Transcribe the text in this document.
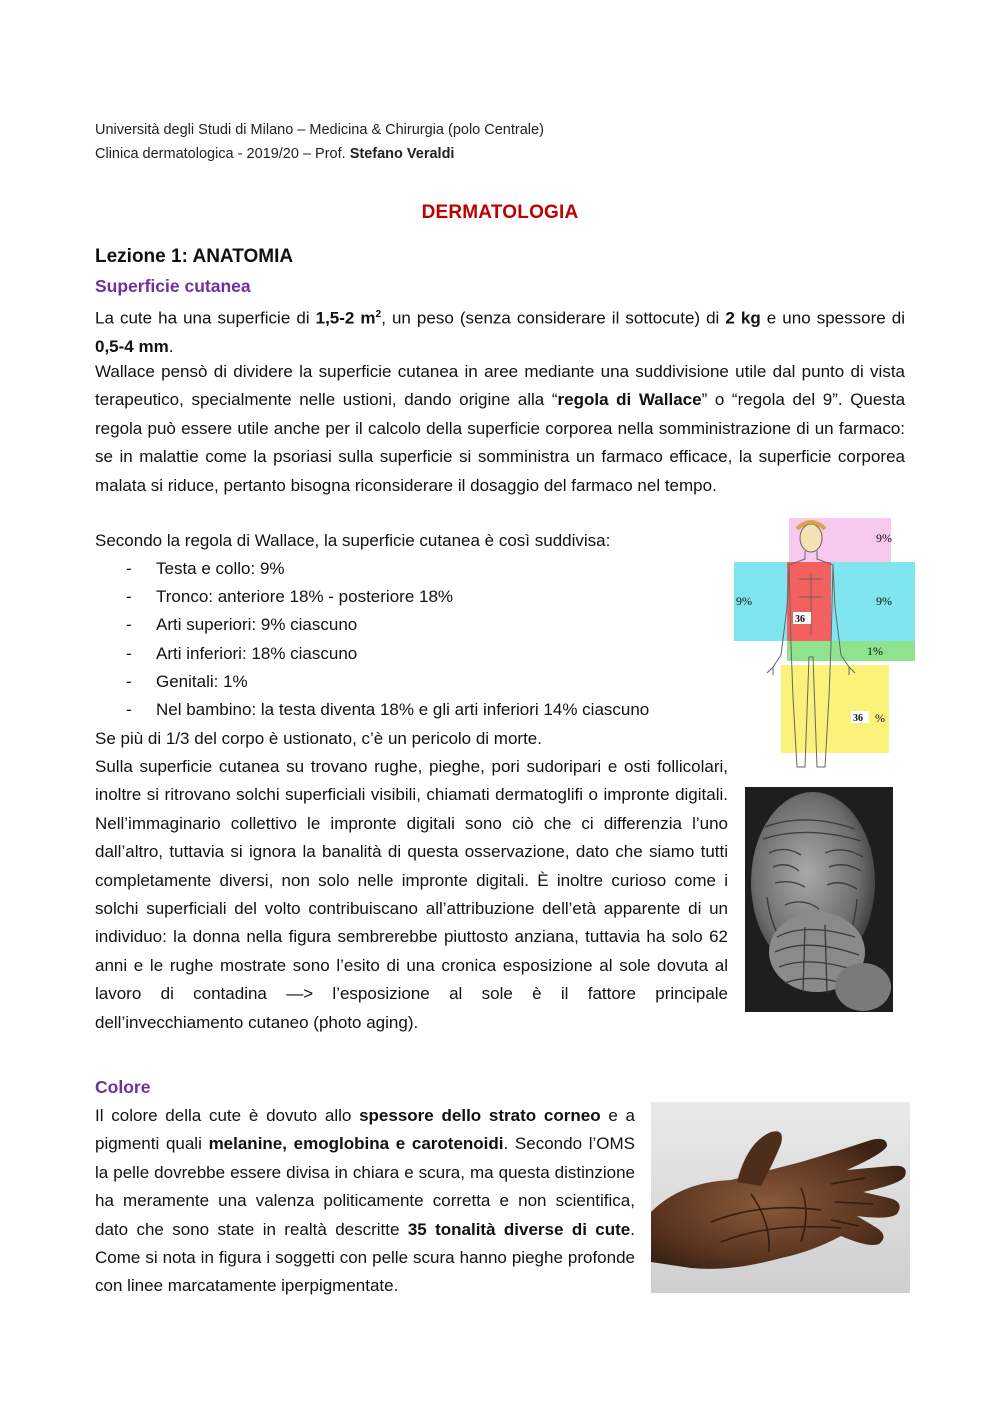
Università degli Studi di Milano – Medicina & Chirurgia (polo Centrale)
Clinica dermatologica - 2019/20 – Prof. Stefano Veraldi
DERMATOLOGIA
Lezione 1: ANATOMIA
Superficie cutanea
La cute ha una superficie di 1,5-2 $m^2$, un peso (senza considerare il sottocute) di 2 kg e uno spessore di 0,5-4 mm.
Wallace pensò di dividere la superficie cutanea in aree mediante una suddivisione utile dal punto di vista terapeutico, specialmente nelle ustioni, dando origine alla “regola di Wallace” o “regola del 9”. Questa regola può essere utile anche per il calcolo della superficie corporea nella somministrazione di un farmaco: se in malattie come la psoriasi sulla superficie si somministra un farmaco efficace, la superficie corporea malata si riduce, pertanto bisogna riconsiderare il dosaggio del farmaco nel tempo.
Secondo la regola di Wallace, la superficie cutanea è così suddivisa:
- Testa e collo: 9%
- Tronco: anteriore 18% - posteriore 18%
- Arti superiori: 9% ciascuno
- Arti inferiori: 18% ciascuno
- Genitali: 1%
- Nel bambino: la testa diventa 18% e gli arti inferiori 14% ciascuno
Se più di 1/3 del corpo è ustionato, c’è un pericolo di morte.
Sulla superficie cutanea su trovano rughe, pieghe, pori sudoripari e osti follicolari, inoltre si ritrovano solchi superficiali visibili, chiamati dermatoglifi o impronte digitali. Nell’immaginario collettivo le impronte digitali sono ciò che ci differenzia l’uno dall’altro, tuttavia si ignora la banalità di questa osservazione, dato che siamo tutti completamente diversi, non solo nelle impronte digitali. È inoltre curioso come i solchi superficiali del volto contribuiscano all’attribuzione dell’età apparente di un individuo: la donna nella figura sembrerebbe piuttosto anziana, tuttavia ha solo 62 anni e le rughe mostrate sono l’esito di una cronica esposizione al sole dovuta al lavoro di contadina —> l’esposizione al sole è il fattore principale dell’invecchiamento cutaneo (photo aging).
9%
9%	9%
36
1%
36 %
Colore
Il colore della cute è dovuto allo spessore dello strato corneo e a pigmenti quali melanine, emoglobina e carotenoidi. Secondo l’OMS la pelle dovrebbe essere divisa in chiara e scura, ma questa distinzione ha meramente una valenza politicamente corretta e non scientifica, dato che sono state in realtà descritte 35 tonalità diverse di cute. Come si nota in figura i soggetti con pelle scura hanno pieghe profonde con linee marcatamente iperpigmentate.
